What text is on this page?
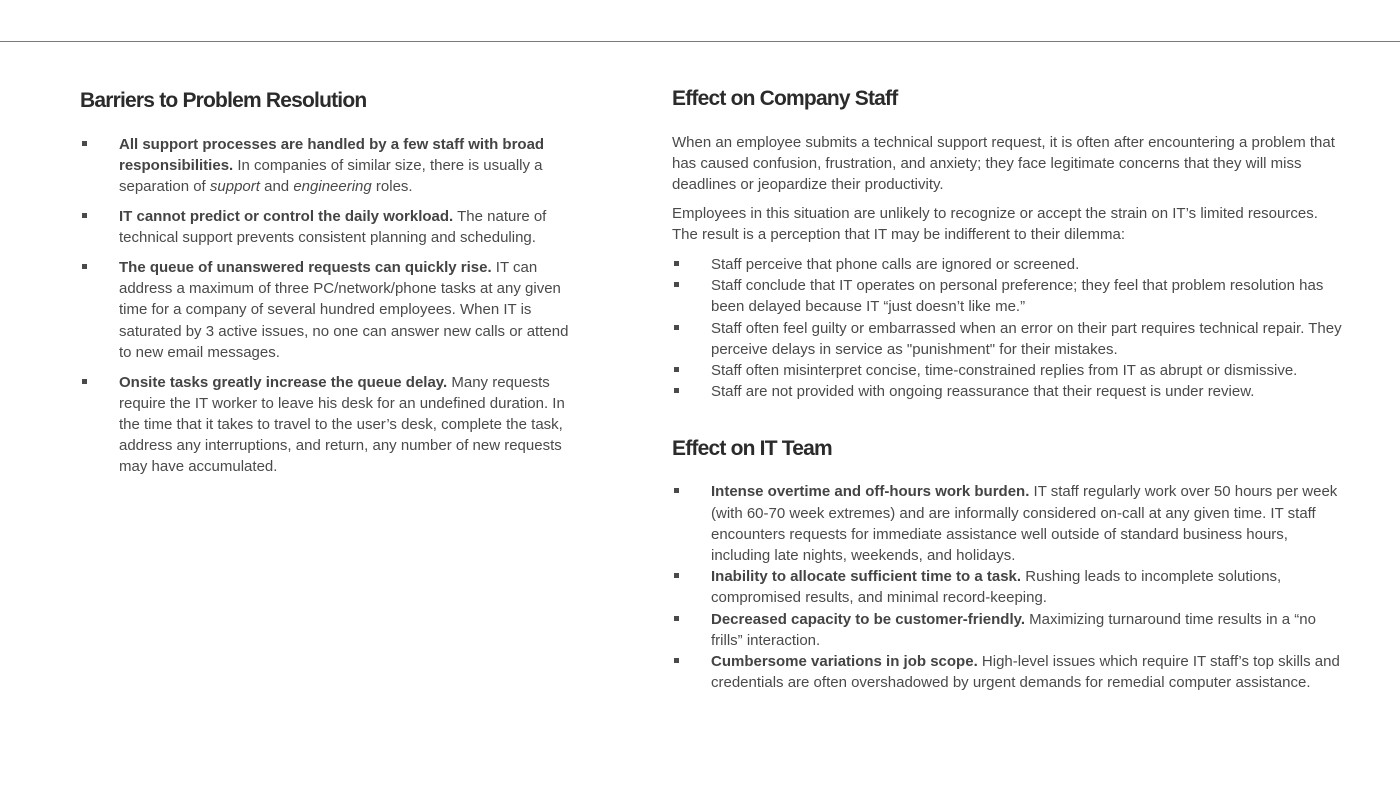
Barriers to Problem Resolution
All support processes are handled by a few staff with broad responsibilities. In companies of similar size, there is usually a separation of support and engineering roles.
IT cannot predict or control the daily workload. The nature of technical support prevents consistent planning and scheduling.
The queue of unanswered requests can quickly rise. IT can address a maximum of three PC/network/phone tasks at any given time for a company of several hundred employees. When IT is saturated by 3 active issues, no one can answer new calls or attend to new email messages.
Onsite tasks greatly increase the queue delay. Many requests require the IT worker to leave his desk for an undefined duration. In the time that it takes to travel to the user’s desk, complete the task, address any interruptions, and return, any number of new requests may have accumulated.
Effect on Company Staff

When an employee submits a technical support request, it is often after encountering a problem that has caused confusion, frustration, and anxiety; they face legitimate concerns that they will miss deadlines or jeopardize their productivity.

Employees in this situation are unlikely to recognize or accept the strain on IT’s limited resources. The result is a perception that IT may be indifferent to their dilemma:

Staff perceive that phone calls are ignored or screened.
Staff conclude that IT operates on personal preference; they feel that problem resolution has been delayed because IT “just doesn’t like me.”
Staff often feel guilty or embarrassed when an error on their part requires technical repair. They perceive delays in service as "punishment" for their mistakes.
Staff often misinterpret concise, time-constrained replies from IT as abrupt or dismissive.
Staff are not provided with ongoing reassurance that their request is under review.
Effect on IT Team
Intense overtime and off-hours work burden. IT staff regularly work over 50 hours per week (with 60-70 week extremes) and are informally considered on-call at any given time. IT staff encounters requests for immediate assistance well outside of standard business hours, including late nights, weekends, and holidays.
Inability to allocate sufficient time to a task. Rushing leads to incomplete solutions, compromised results, and minimal record-keeping.
Decreased capacity to be customer-friendly. Maximizing turnaround time results in a “no frills” interaction.
Cumbersome variations in job scope. High-level issues which require IT staff’s top skills and credentials are often overshadowed by urgent demands for remedial computer assistance.
